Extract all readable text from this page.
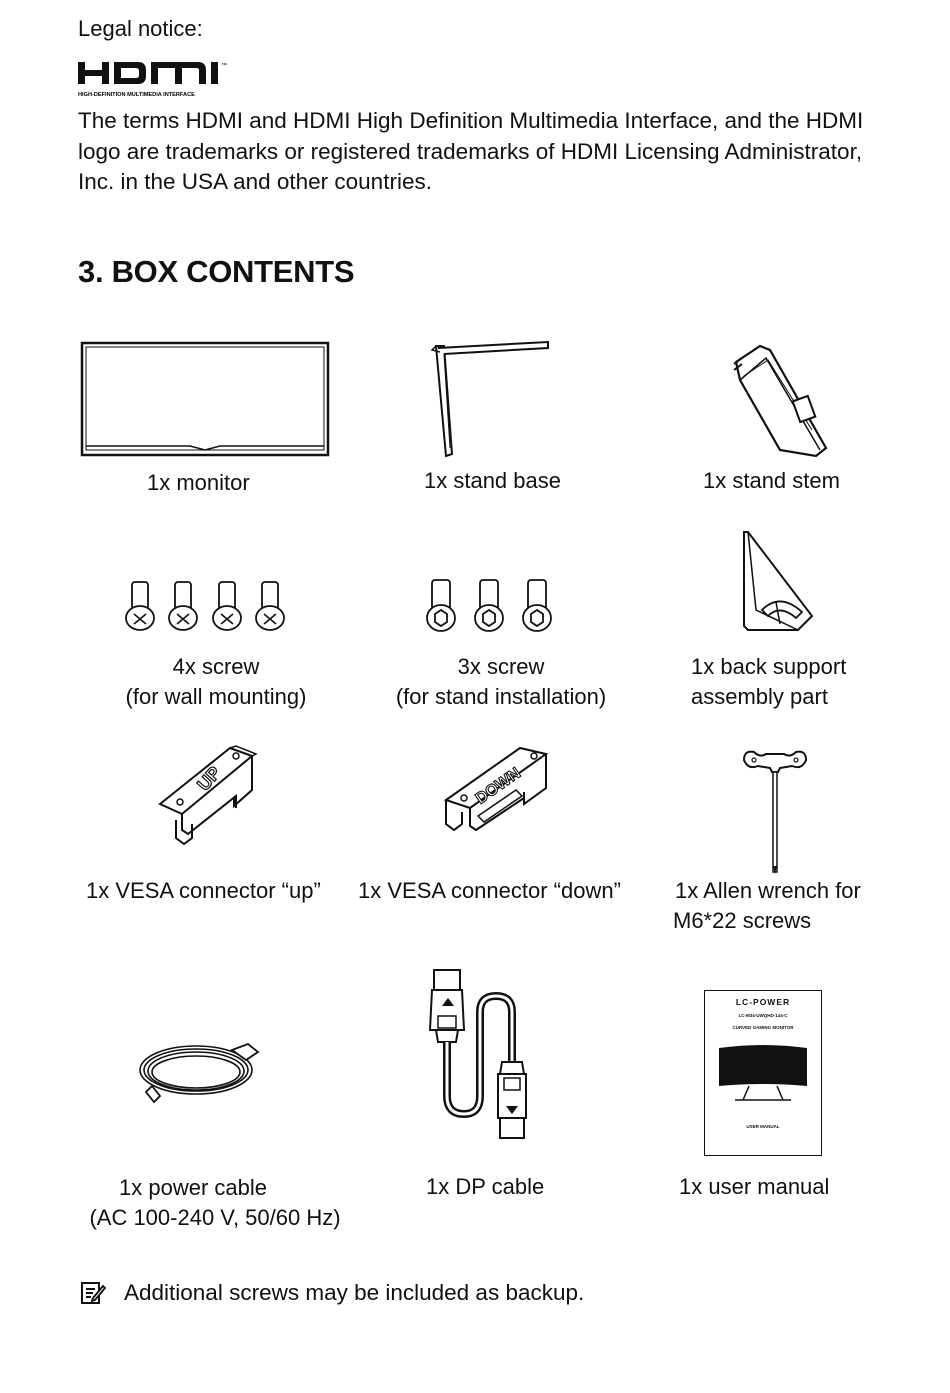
Legal notice:
™
HIGH-DEFINITION MULTIMEDIA INTERFACE
The terms HDMI and HDMI High Definition Multimedia Interface, and the HDMI logo are trademarks or registered trademarks of HDMI Licensing Administrator, Inc. in the USA and other countries.
3. BOX CONTENTS
1x monitor	1x stand base	1x stand stem
4x screw
(for wall mounting)
3x screw
(for stand installation)
1x back support
assembly part
UP
1x VESA connector “up”
DOWN
1x VESA connector “down” 1x Allen wrench for
M6*22 screws
1x power cable
(AC 100-240 V, 50/60 Hz)
1x DP cable
LC-POWER
LC-M34-UWQHD-144-C
CURVED GAMING MONITOR
USER MANUAL
1x user manual
Additional screws may be included as backup.
